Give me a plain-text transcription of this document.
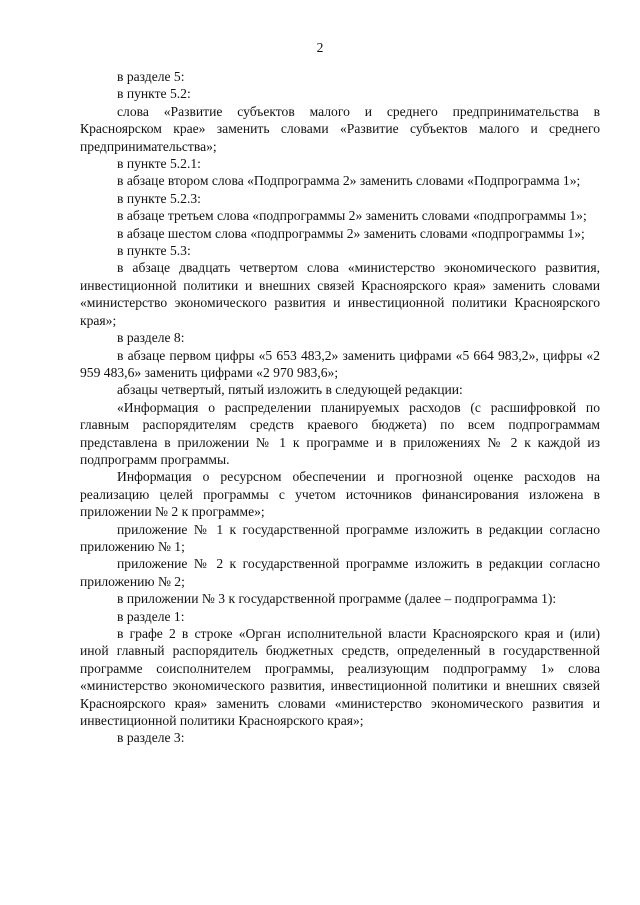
2

в разделе 5:

в пункте 5.2:

слова «Развитие субъектов малого и среднего предпринимательства в Красноярском крае» заменить словами «Развитие субъектов малого и среднего предпринимательства»;

в пункте 5.2.1:

в абзаце втором слова «Подпрограмма 2» заменить словами «Подпрограмма 1»;

в пункте 5.2.3:

в абзаце третьем слова «подпрограммы 2» заменить словами «подпрограммы 1»;

в абзаце шестом слова «подпрограммы 2» заменить словами «подпрограммы 1»;

в пункте 5.3:

в абзаце двадцать четвертом слова «министерство экономического развития, инвестиционной политики и внешних связей Красноярского края» заменить словами «министерство экономического развития и инвестиционной политики Красноярского края»;

в разделе 8:

в абзаце первом цифры «5 653 483,2» заменить цифрами «5 664 983,2», цифры «2 959 483,6» заменить цифрами «2 970 983,6»;

абзацы четвертый, пятый изложить в следующей редакции:

«Информация о распределении планируемых расходов (с расшифровкой по главным распорядителям средств краевого бюджета) по всем подпрограммам представлена в приложении № 1 к программе и в приложениях № 2 к каждой из подпрограмм программы.

Информация о ресурсном обеспечении и прогнозной оценке расходов на реализацию целей программы с учетом источников финансирования изложена в приложении № 2 к программе»;

приложение № 1 к государственной программе изложить в редакции согласно приложению № 1;

приложение № 2 к государственной программе изложить в редакции согласно приложению № 2;

в приложении № 3 к государственной программе (далее – подпрограмма 1):

в разделе 1:

в графе 2 в строке «Орган исполнительной власти Красноярского края и (или) иной главный распорядитель бюджетных средств, определенный в государственной программе соисполнителем программы, реализующим подпрограмму 1» слова «министерство экономического развития, инвестиционной политики и внешних связей Красноярского края» заменить словами «министерство экономического развития и инвестиционной политики Красноярского края»;

в разделе 3:
